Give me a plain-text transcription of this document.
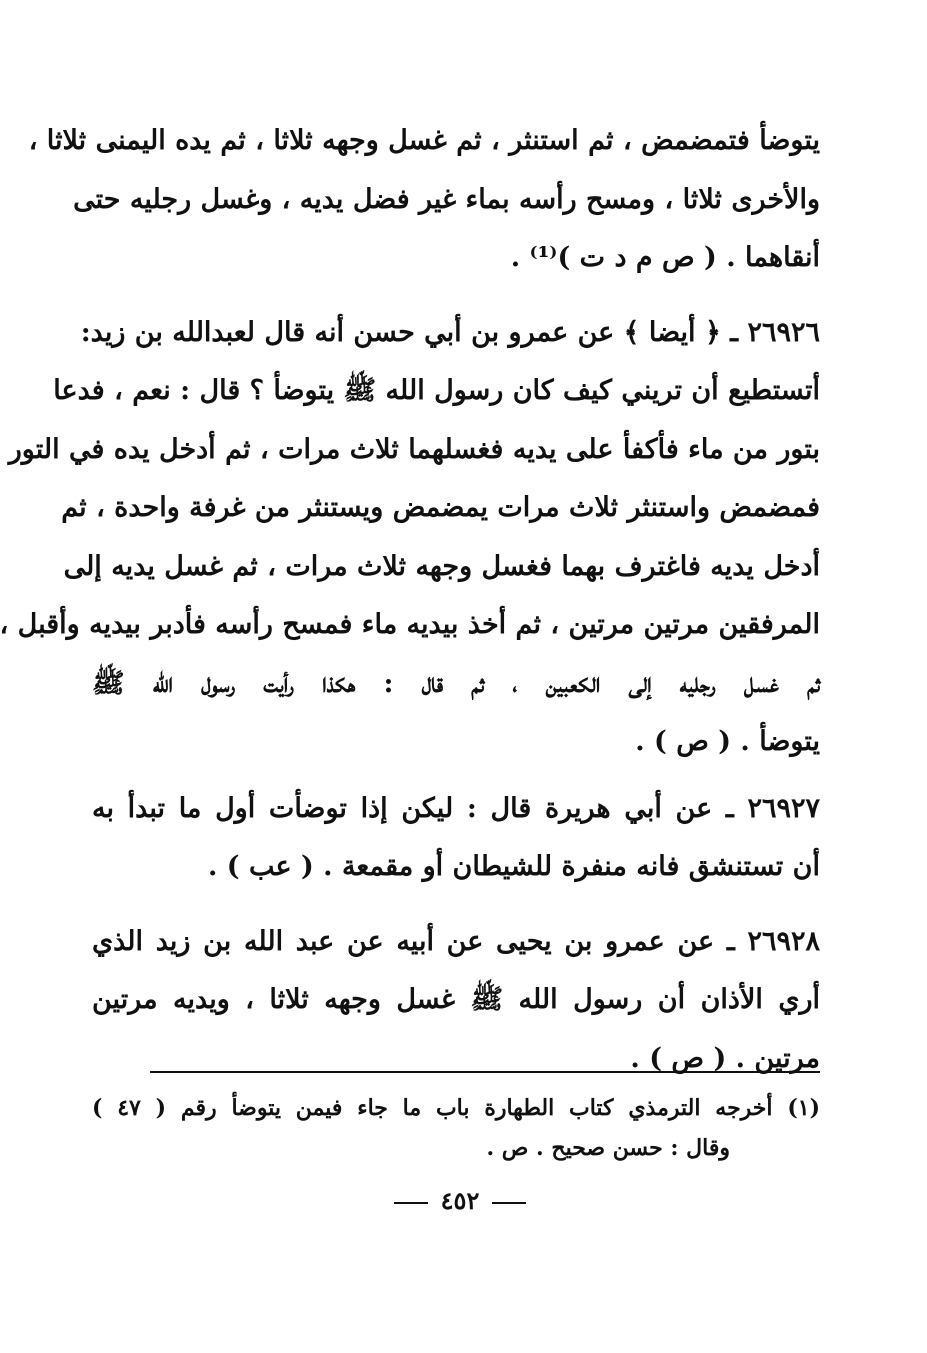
يتوضأ فتمضمض ، ثم استنثر ، ثم غسل وجهه ثلاثا ، ثم يده اليمنى ثلاثا ،
والأخرى ثلاثا ، ومسح رأسه بماء غير فضل يديه ، وغسل رجليه حتى
أنقاهما . ( ص م د ت )⁽¹⁾ .

٢٦٩٢٦ ـ ﴿ أيضا ﴾ عن عمرو بن أبي حسن أنه قال لعبدالله بن زيد:
أتستطيع أن تريني كيف كان رسول الله ﷺ يتوضأ ؟ قال : نعم ، فدعا
بتور من ماء فأكفأ على يديه فغسلهما ثلاث مرات ، ثم أدخل يده في التور
فمضمض واستنثر ثلاث مرات يمضمض ويستنثر من غرفة واحدة ، ثم
أدخل يديه فاغترف بهما فغسل وجهه ثلاث مرات ، ثم غسل يديه إلى
المرفقين مرتين مرتين ، ثم أخذ بيديه ماء فمسح رأسه فأدبر بيديه وأقبل ،
ثم غسل رجليه إلى الكعبين ، ثم قال : هكذا رأيت رسول الله ﷺ
يتوضأ . ( ص ) .

٢٦٩٢٧ ـ عن أبي هريرة قال : ليكن إذا توضأت أول ما تبدأ به
أن تستنشق فانه منفرة للشيطان أو مقمعة . ( عب ) .

٢٦٩٢٨ ـ عن عمرو بن يحيى عن أبيه عن عبد الله بن زيد الذي
أري الأذان أن رسول الله ﷺ غسل وجهه ثلاثا ، ويديه مرتين
مرتين . ( ص ) .

(١) أخرجه الترمذي كتاب الطهارة باب ما جاء فيمن يتوضأ رقم ( ٤٧ )
وقال : حسن صحيح . ص .
٤٥٢
